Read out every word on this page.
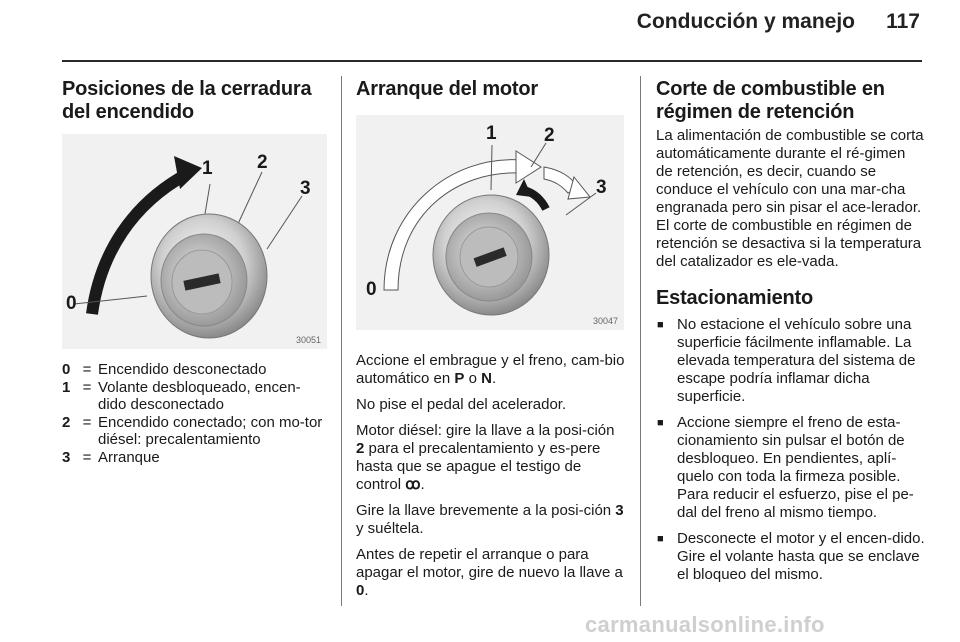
Conducción y manejo	117
Posiciones de la cerradura del encendido
0
1 2
3
30051
0 = Encendido desconectado
1 = Volante desbloqueado, encen-dido desconectado
2 = Encendido conectado; con mo-tor diésel: precalentamiento
3 = Arranque
Arranque del motor
0
1 2
3
30047

Accione el embrague y el freno, cam-bio automático en P o N.

No pise el pedal del acelerador.

Motor diésel: gire la llave a la posi-ción 2 para el precalentamiento y es-pere hasta que se apague el testigo de control ꝏ.

Gire la llave brevemente a la posi-ción 3 y suéltela.

Antes de repetir el arranque o para apagar el motor, gire de nuevo la llave a 0.

Corte de combustible en régimen de retención

La alimentación de combustible se corta automáticamente durante el ré-gimen de retención, es decir, cuando se conduce el vehículo con una mar-cha engranada pero sin pisar el ace-lerador. El corte de combustible en régimen de retención se desactiva si la temperatura del catalizador es ele-vada.

Estacionamiento
■ No estacione el vehículo sobre una superficie fácilmente inflamable. La elevada temperatura del sistema de escape podría inflamar dicha superficie.
■ Accione siempre el freno de esta-cionamiento sin pulsar el botón de desbloqueo. En pendientes, aplí-quelo con toda la firmeza posible. Para reducir el esfuerzo, pise el pe-dal del freno al mismo tiempo.
■ Desconecte el motor y el encen-dido. Gire el volante hasta que se enclave el bloqueo del mismo.
carmanualsonline.info
